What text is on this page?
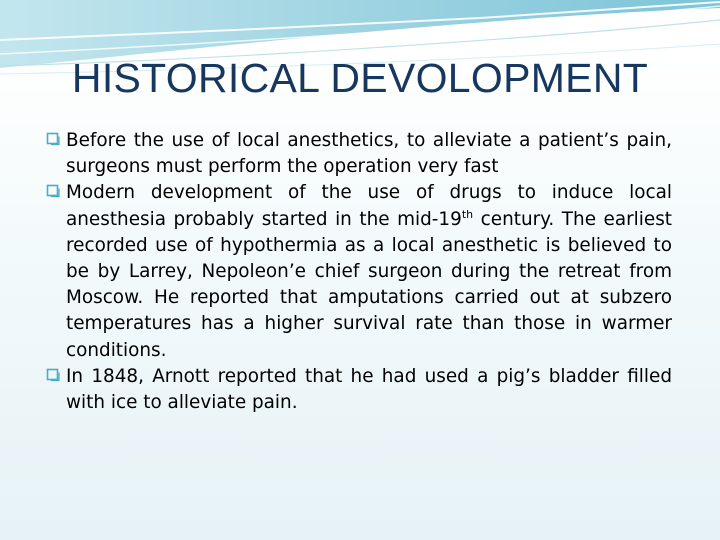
HISTORICAL DEVOLOPMENT

Before the use of local anesthetics, to alleviate a patient’s pain, surgeons must perform the operation very fast

Modern development of the use of drugs to induce local anesthesia probably started in the mid-19th century. The earliest recorded use of hypothermia as a local anesthetic is believed to be by Larrey, Nepoleon’e chief surgeon during the retreat from Moscow. He reported that amputations carried out at subzero temperatures has a higher survival rate than those in warmer conditions.

In 1848, Arnott reported that he had used a pig’s bladder filled with ice to alleviate pain.
